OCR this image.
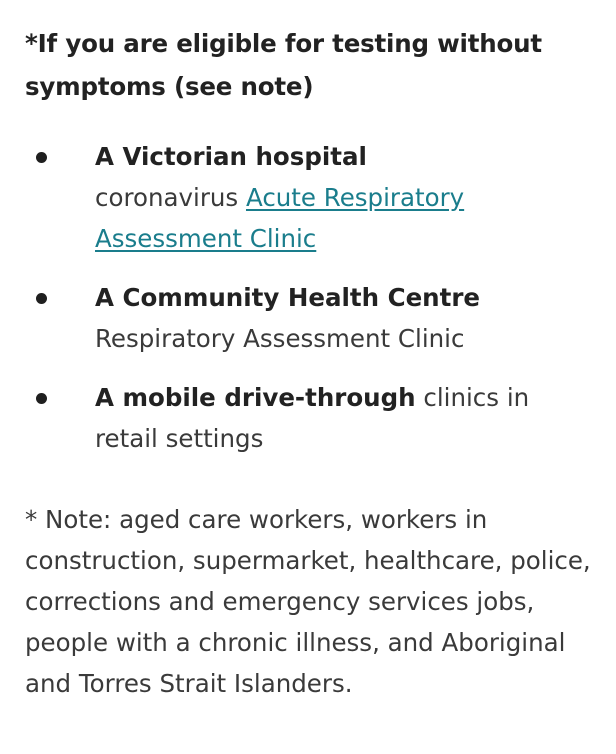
*If you are eligible for testing without symptoms (see note)
A Victorian hospital
coronavirus Acute Respiratory Assessment Clinic
A Community Health Centre
Respiratory Assessment Clinic
A mobile drive-through clinics in retail settings

* Note: aged care workers, workers in construction, supermarket, healthcare, police, corrections and emergency services jobs, people with a chronic illness, and Aboriginal and Torres Strait Islanders.
